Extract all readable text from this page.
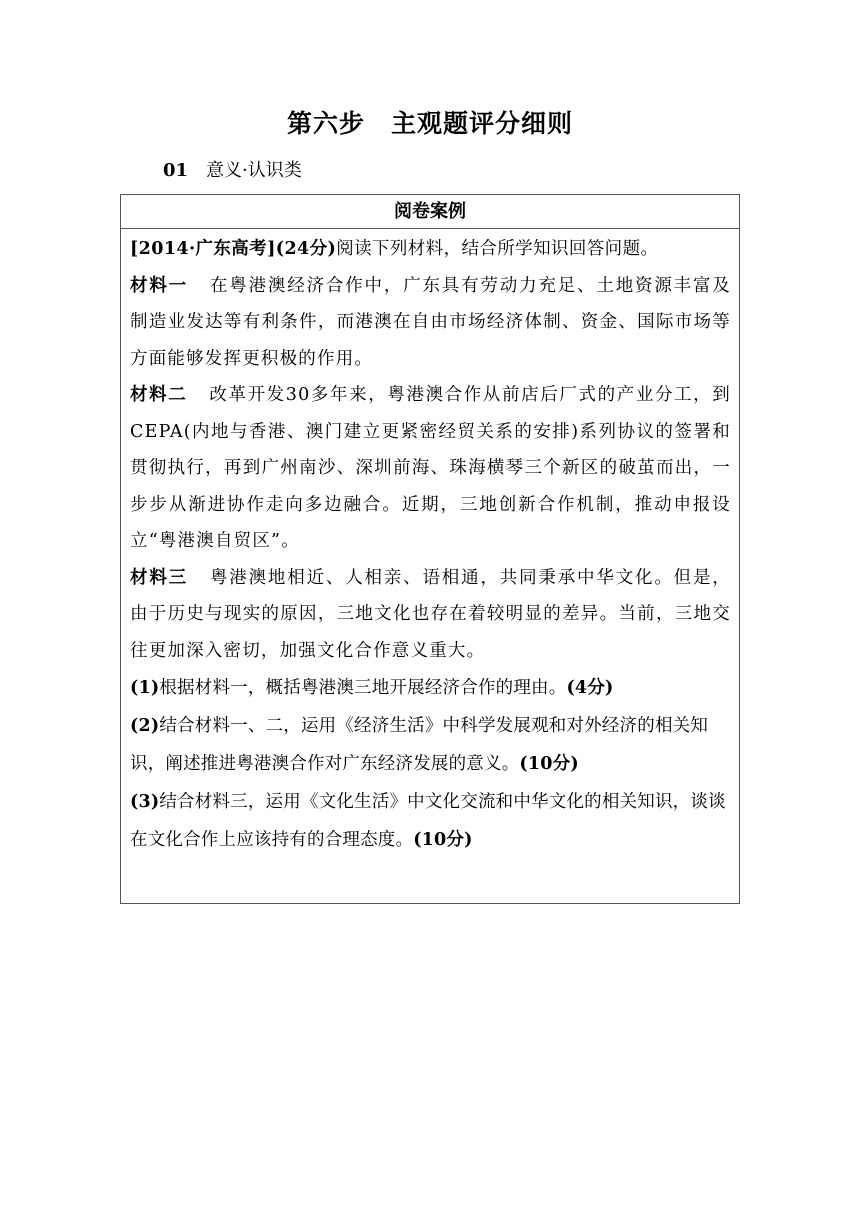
第六步 主观题评分细则
01 意义·认识类
阅卷案例

[2014·广东高考](24分)阅读下列材料，结合所学知识回答问题。

材料一 在粤港澳经济合作中，广东具有劳动力充足、土地资源丰富及制造业发达等有利条件，而港澳在自由市场经济体制、资金、国际市场等方面能够发挥更积极的作用。

材料二 改革开发30多年来，粤港澳合作从前店后厂式的产业分工，到CEPA(内地与香港、澳门建立更紧密经贸关系的安排)系列协议的签署和贯彻执行，再到广州南沙、深圳前海、珠海横琴三个新区的破茧而出，一步步从渐进协作走向多边融合。近期，三地创新合作机制，推动申报设立“粤港澳自贸区”。

材料三 粤港澳地相近、人相亲、语相通，共同秉承中华文化。但是，由于历史与现实的原因，三地文化也存在着较明显的差异。当前，三地交往更加深入密切，加强文化合作意义重大。

(1)根据材料一，概括粤港澳三地开展经济合作的理由。(4分)

(2)结合材料一、二，运用《经济生活》中科学发展观和对外经济的相关知识，阐述推进粤港澳合作对广东经济发展的意义。(10分)

(3)结合材料三，运用《文化生活》中文化交流和中华文化的相关知识，谈谈在文化合作上应该持有的合理态度。(10分)
